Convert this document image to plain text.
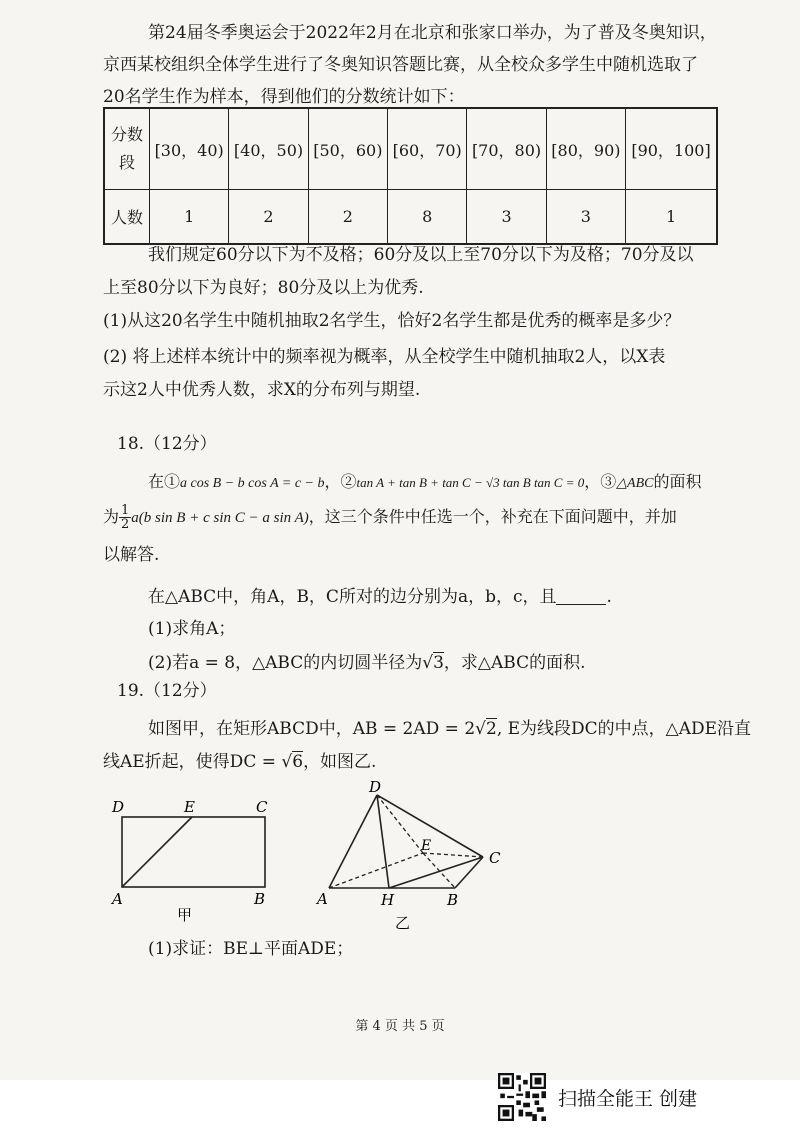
第24届冬季奥运会于2022年2月在北京和张家口举办，为了普及冬奥知识，
京西某校组织全体学生进行了冬奥知识答题比赛，从全校众多学生中随机选取了
20名学生作为样本，得到他们的分数统计如下：
分数
段	[30，40)	[40，50)	[50，60)	[60，70)	[70，80)	[80，90)	[90，100]
人数	1	2	2	8	3	3	1
我们规定60分以下为不及格；60分及以上至70分以下为及格；70分及以
上至80分以下为良好；80分及以上为优秀.
(1)从这20名学生中随机抽取2名学生，恰好2名学生都是优秀的概率是多少？
(2) 将上述样本统计中的频率视为概率，从全校学生中随机抽取2人，以X表
示这2人中优秀人数，求X的分布列与期望.
18.（12分）
在①a cos B − b cos A = c − b，②tan A + tan B + tan C − √3 tan B tan C = 0，③△ABC的面积
为 $\frac{1}{2} a(b$ sin B + c sin C − a sin A)，这三个条件中任选一个，补充在下面问题中，并加
以解答.
在△ABC中，角A，B，C所对的边分别为a，b，c，且	.
(1)求角A；
(2)若a = 8，△ABC的内切圆半径为√3，求△ABC的面积.
19.（12分）
如图甲，在矩形ABCD中，AB = 2AD = 2√2, E为线段DC的中点，△ADE沿直
线AE折起，使得DC = √6，如图乙.
D	E	C
A	B
甲
D
E
C
A	H	B
乙
(1)求证：BE⊥平面ADE；
第 4 页 共 5 页
扫描全能王 创建
